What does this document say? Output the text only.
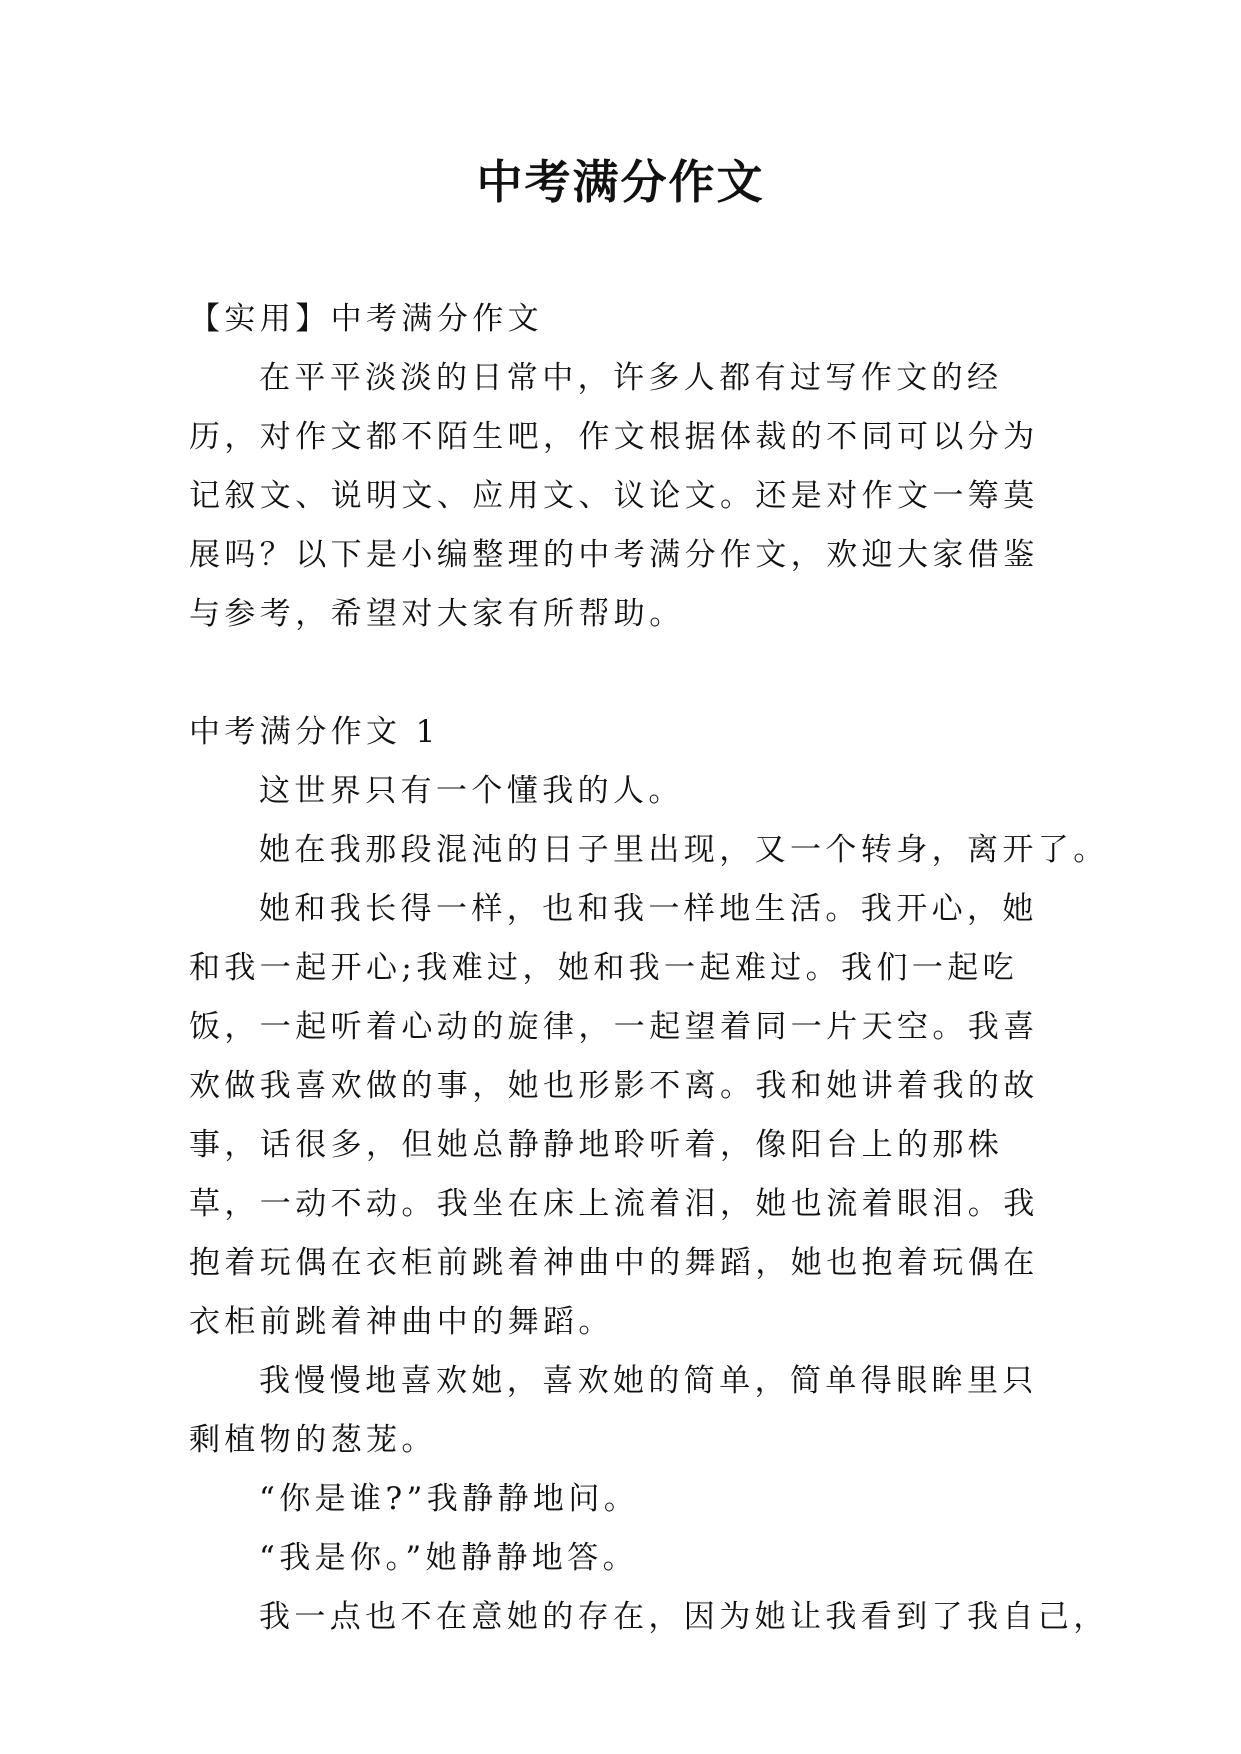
中考满分作文

【实用】中考满分作文

在平平淡淡的日常中，许多人都有过写作文的经历，对作文都不陌生吧，作文根据体裁的不同可以分为记叙文、说明文、应用文、议论文。还是对作文一筹莫展吗？以下是小编整理的中考满分作文，欢迎大家借鉴与参考，希望对大家有所帮助。

中考满分作文 1

这世界只有一个懂我的人。

她在我那段混沌的日子里出现，又一个转身，离开了。

她和我长得一样，也和我一样地生活。我开心，她和我一起开心;我难过，她和我一起难过。我们一起吃饭，一起听着心动的旋律，一起望着同一片天空。我喜欢做我喜欢做的事，她也形影不离。我和她讲着我的故事，话很多，但她总静静地聆听着，像阳台上的那株草，一动不动。我坐在床上流着泪，她也流着眼泪。我抱着玩偶在衣柜前跳着神曲中的舞蹈，她也抱着玩偶在衣柜前跳着神曲中的舞蹈。

我慢慢地喜欢她，喜欢她的简单，简单得眼眸里只剩植物的葱茏。

“你是谁?”我静静地问。

“我是你。”她静静地答。

我一点也不在意她的存在，因为她让我看到了我自己，
